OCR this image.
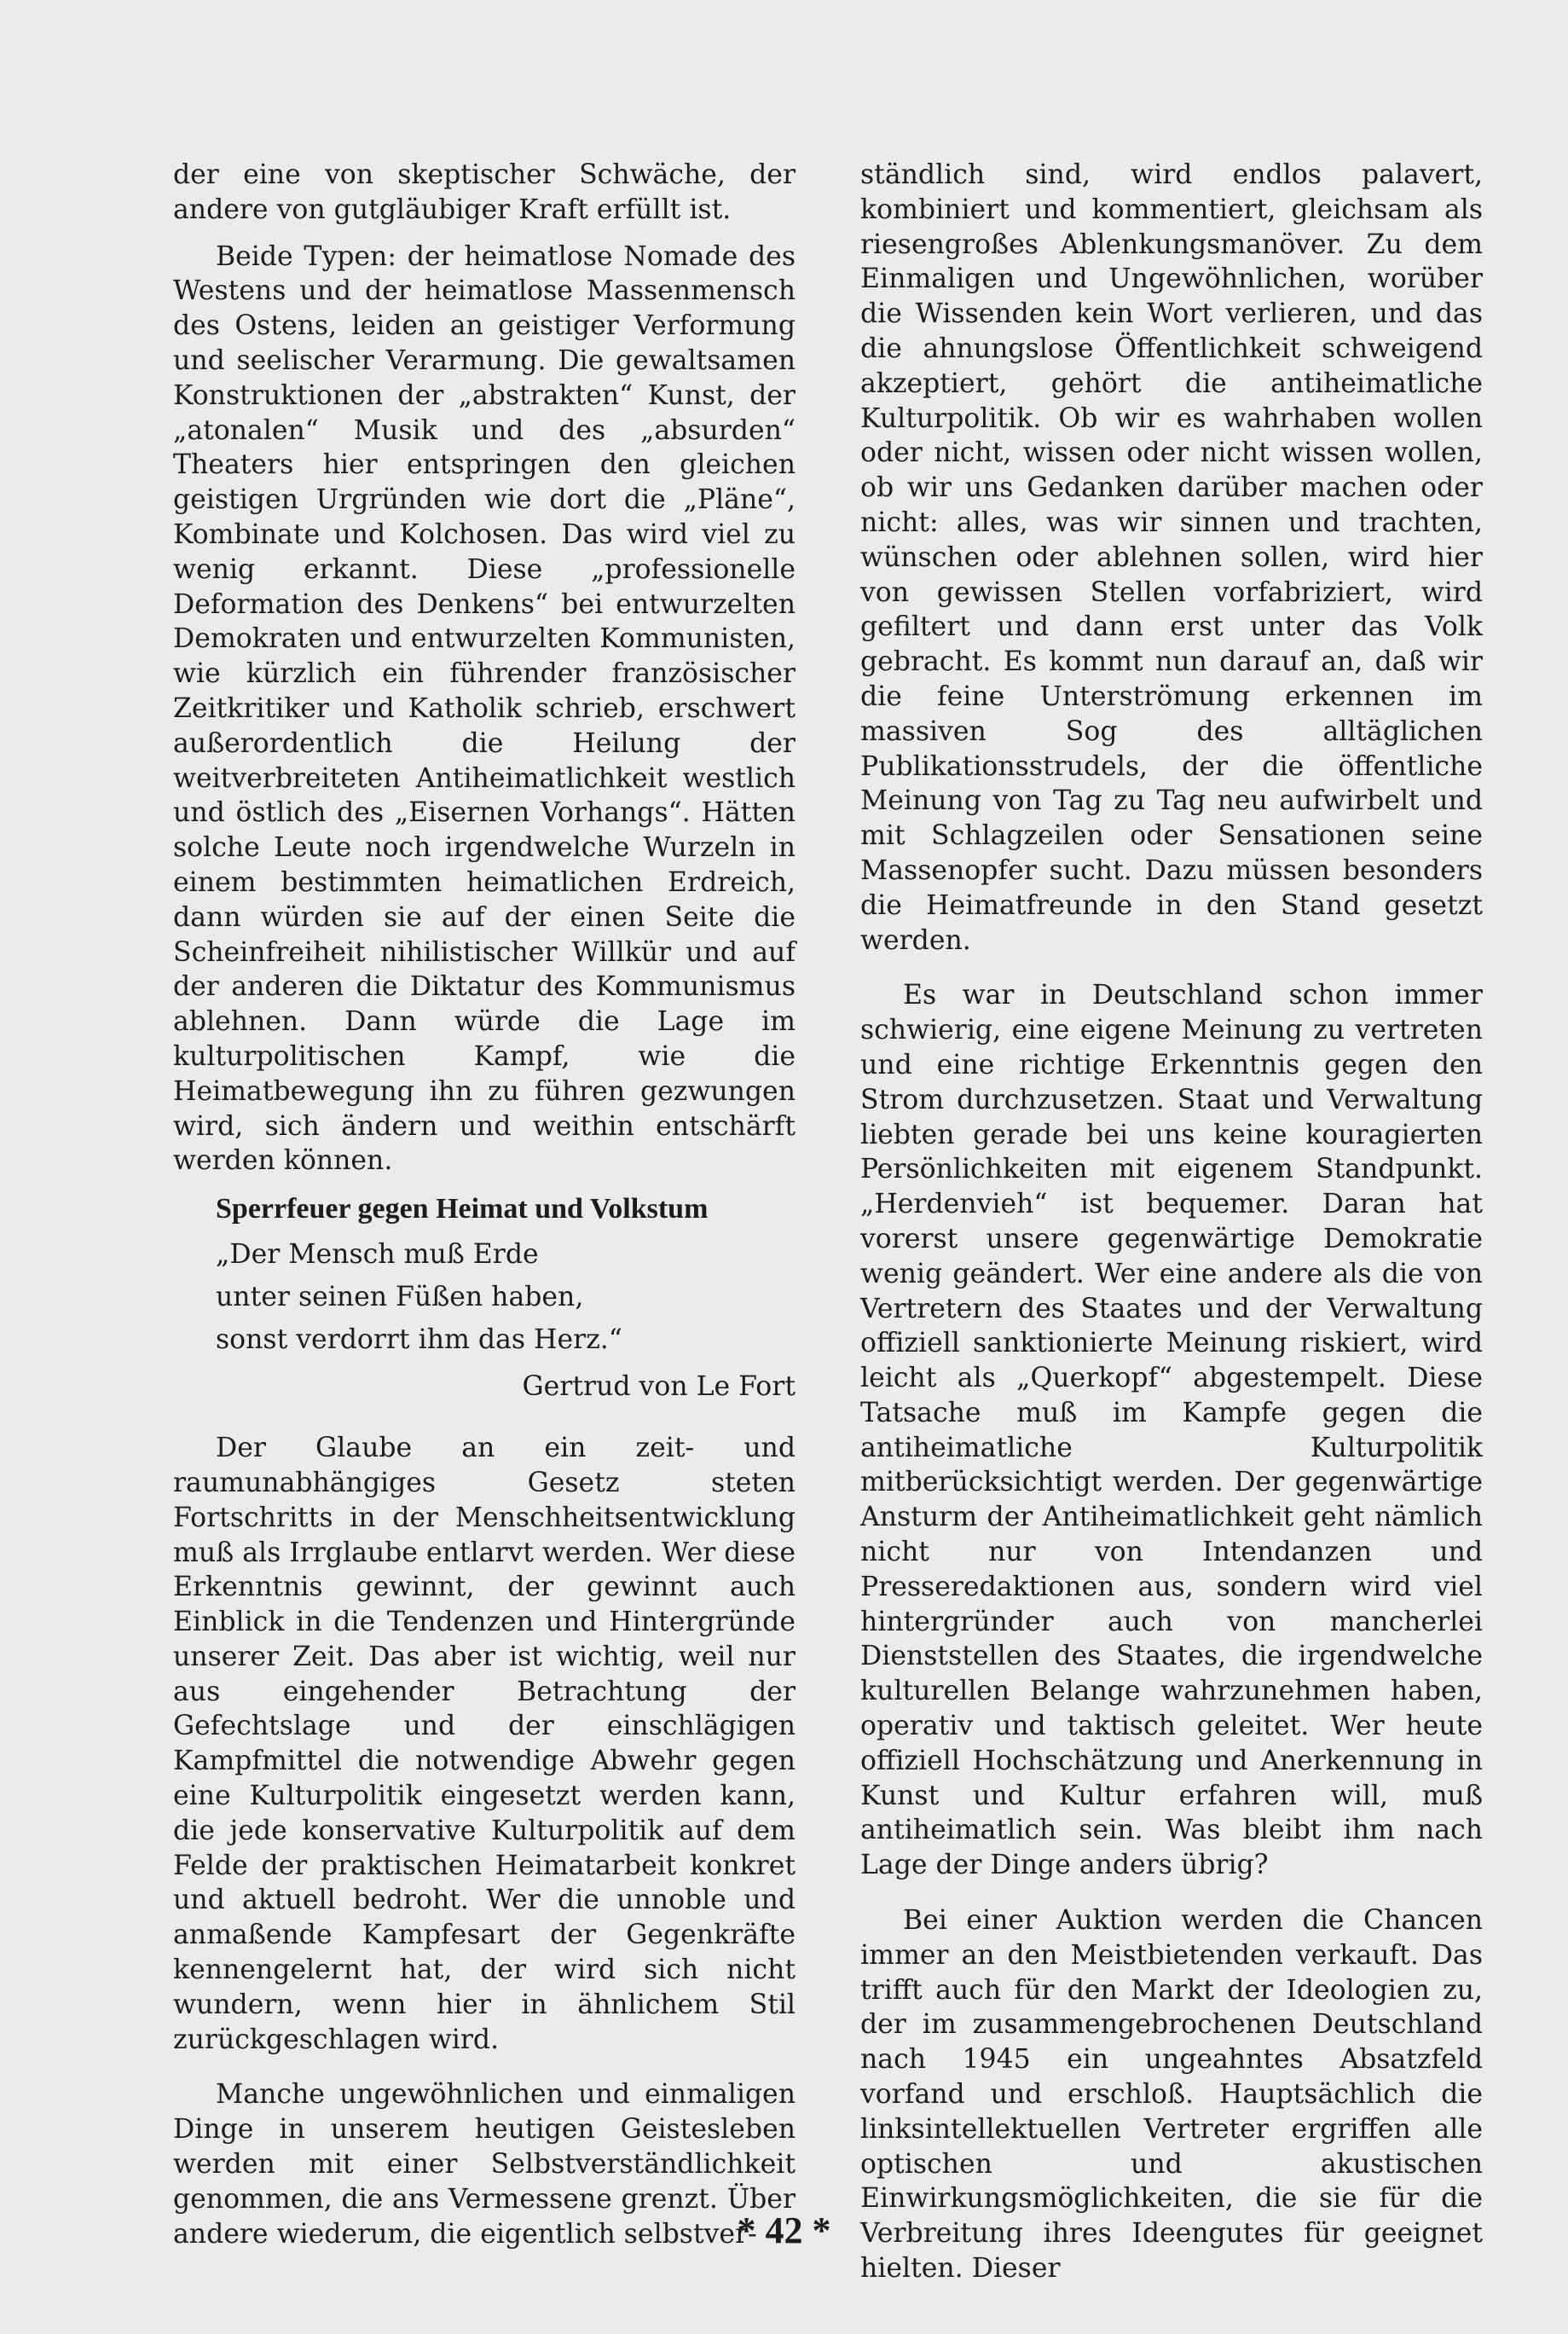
der eine von skeptischer Schwäche, der andere von gutgläubiger Kraft erfüllt ist.

Beide Typen: der heimatlose Nomade des Westens und der heimatlose Massenmensch des Ostens, leiden an geistiger Verformung und seelischer Verarmung. Die gewaltsamen Konstruktionen der „abstrakten“ Kunst, der „atonalen“ Musik und des „absurden“ Theaters hier entspringen den gleichen geistigen Urgründen wie dort die „Pläne“, Kombinate und Kolchosen. Das wird viel zu wenig erkannt. Diese „professionelle Deformation des Denkens“ bei entwurzelten Demokraten und entwurzelten Kommunisten, wie kürzlich ein führender französischer Zeitkritiker und Katholik schrieb, erschwert außerordentlich die Heilung der weitverbreiteten Antiheimatlichkeit westlich und östlich des „Eisernen Vorhangs“. Hätten solche Leute noch irgendwelche Wurzeln in einem bestimmten heimatlichen Erdreich, dann würden sie auf der einen Seite die Scheinfreiheit nihilistischer Willkür und auf der anderen die Diktatur des Kommunismus ablehnen. Dann würde die Lage im kulturpolitischen Kampf, wie die Heimatbewegung ihn zu führen gezwungen wird, sich ändern und weithin entschärft werden können.

Sperrfeuer gegen Heimat und Volkstum
„Der Mensch muß Erde
unter seinen Füßen haben,
sonst verdorrt ihm das Herz.“
Gertrud von Le Fort

Der Glaube an ein zeit- und raumunabhängiges Gesetz steten Fortschritts in der Menschheitsentwicklung muß als Irrglaube entlarvt werden. Wer diese Erkenntnis gewinnt, der gewinnt auch Einblick in die Tendenzen und Hintergründe unserer Zeit. Das aber ist wichtig, weil nur aus eingehender Betrachtung der Gefechtslage und der einschlägigen Kampfmittel die notwendige Abwehr gegen eine Kulturpolitik eingesetzt werden kann, die jede konservative Kulturpolitik auf dem Felde der praktischen Heimatarbeit konkret und aktuell bedroht. Wer die unnoble und anmaßende Kampfesart der Gegenkräfte kennengelernt hat, der wird sich nicht wundern, wenn hier in ähnlichem Stil zurückgeschlagen wird.

Manche ungewöhnlichen und einmaligen Dinge in unserem heutigen Geistesleben werden mit einer Selbstverständlichkeit genommen, die ans Vermessene grenzt. Über andere wiederum, die eigentlich selbstver-

ständlich sind, wird endlos palavert, kombiniert und kommentiert, gleichsam als riesengroßes Ablenkungsmanöver. Zu dem Einmaligen und Ungewöhnlichen, worüber die Wissenden kein Wort verlieren, und das die ahnungslose Öffentlichkeit schweigend akzeptiert, gehört die antiheimatliche Kulturpolitik. Ob wir es wahrhaben wollen oder nicht, wissen oder nicht wissen wollen, ob wir uns Gedanken darüber machen oder nicht: alles, was wir sinnen und trachten, wünschen oder ablehnen sollen, wird hier von gewissen Stellen vorfabriziert, wird gefiltert und dann erst unter das Volk gebracht. Es kommt nun darauf an, daß wir die feine Unterströmung erkennen im massiven Sog des alltäglichen Publikationsstrudels, der die öffentliche Meinung von Tag zu Tag neu aufwirbelt und mit Schlagzeilen oder Sensationen seine Massenopfer sucht. Dazu müssen besonders die Heimatfreunde in den Stand gesetzt werden.

Es war in Deutschland schon immer schwierig, eine eigene Meinung zu vertreten und eine richtige Erkenntnis gegen den Strom durchzusetzen. Staat und Verwaltung liebten gerade bei uns keine kouragierten Persönlichkeiten mit eigenem Standpunkt. „Herdenvieh“ ist bequemer. Daran hat vorerst unsere gegenwärtige Demokratie wenig geändert. Wer eine andere als die von Vertretern des Staates und der Verwaltung offiziell sanktionierte Meinung riskiert, wird leicht als „Querkopf“ abgestempelt. Diese Tatsache muß im Kampfe gegen die antiheimatliche Kulturpolitik mitberücksichtigt werden. Der gegenwärtige Ansturm der Antiheimatlichkeit geht nämlich nicht nur von Intendanzen und Presseredaktionen aus, sondern wird viel hintergründer auch von mancherlei Dienststellen des Staates, die irgendwelche kulturellen Belange wahrzunehmen haben, operativ und taktisch geleitet. Wer heute offiziell Hochschätzung und Anerkennung in Kunst und Kultur erfahren will, muß antiheimatlich sein. Was bleibt ihm nach Lage der Dinge anders übrig?

Bei einer Auktion werden die Chancen immer an den Meistbietenden verkauft. Das trifft auch für den Markt der Ideologien zu, der im zusammengebrochenen Deutschland nach 1945 ein ungeahntes Absatzfeld vorfand und erschloß. Hauptsächlich die linksintellektuellen Vertreter ergriffen alle optischen und akustischen Einwirkungsmöglichkeiten, die sie für die Verbreitung ihres Ideengutes für geeignet hielten. Dieser

* 42 *
